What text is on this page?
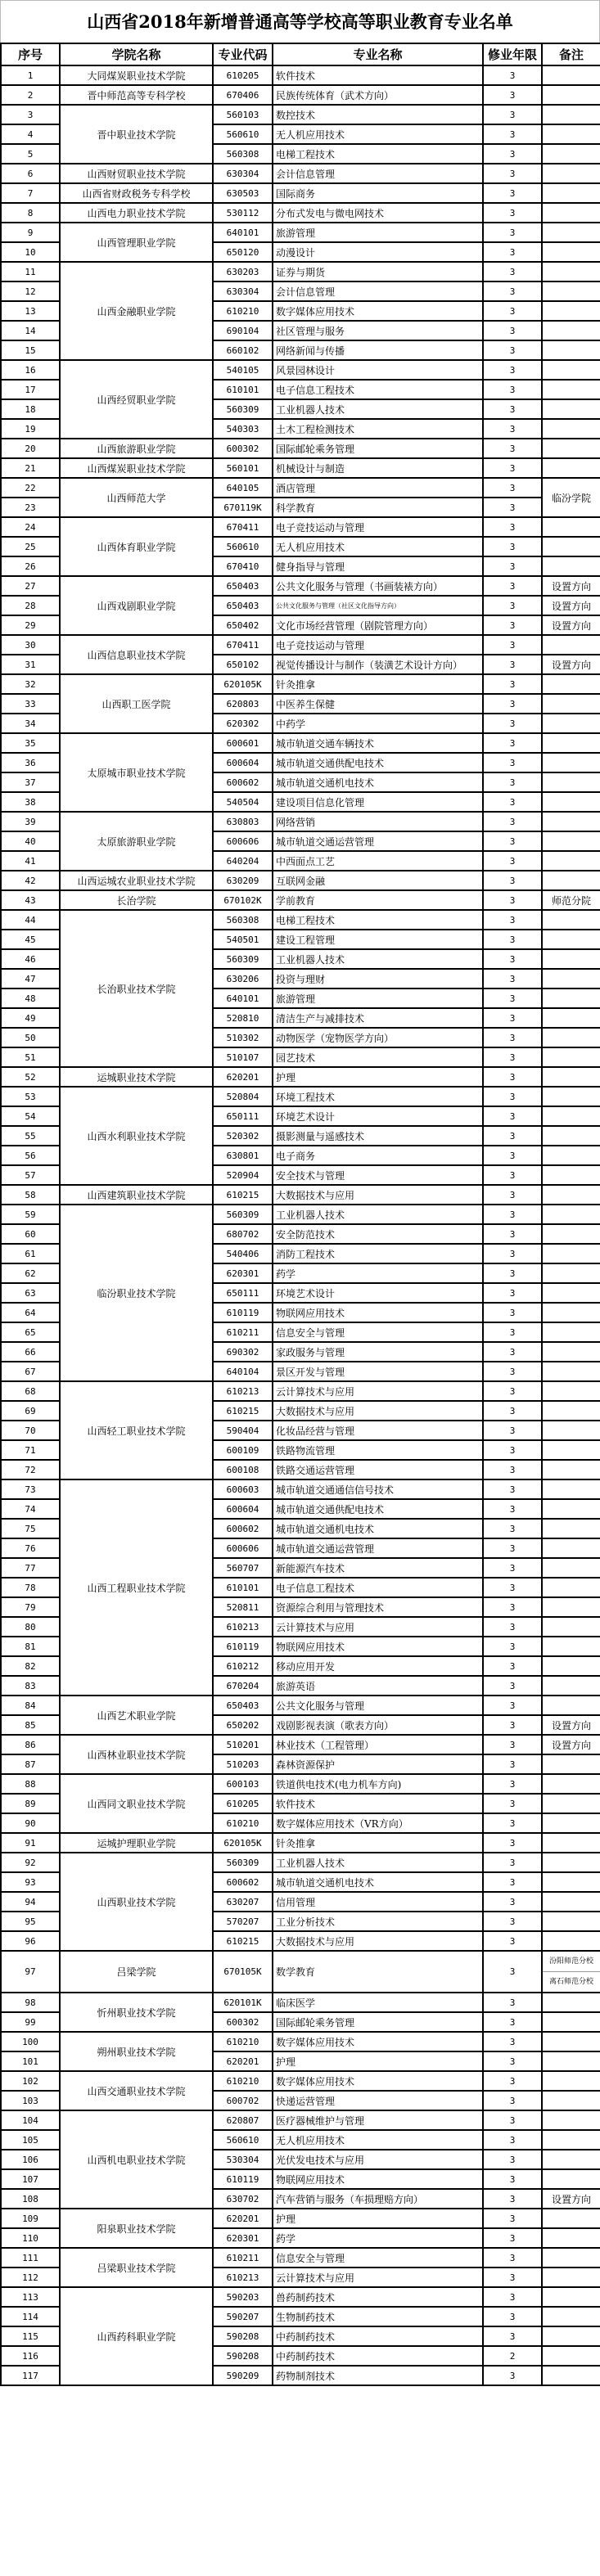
山西省2018年新增普通高等学校高等职业教育专业名单
序号	学院名称	专业代码	专业名称	修业年限	备注
1	大同煤炭职业技术学院	610205	软件技术	3	
2	晋中师范高等专科学校	670406	民族传统体育（武术方向）	3	
3	晋中职业技术学院	560103	数控技术	3	
4		560610	无人机应用技术	3	
5		560308	电梯工程技术	3	
6	山西财贸职业技术学院	630304	会计信息管理	3	
7	山西省财政税务专科学校	630503	国际商务	3	
8	山西电力职业技术学院	530112	分布式发电与微电网技术	3	
9	山西管理职业学院	640101	旅游管理	3	
10		650120	动漫设计	3	
11	山西金融职业学院	630203	证券与期货	3	
12		630304	会计信息管理	3	
13		610210	数字媒体应用技术	3	
14		690104	社区管理与服务	3	
15		660102	网络新闻与传播	3	
16	山西经贸职业学院	540105	风景园林设计	3	
17		610101	电子信息工程技术	3	
18		560309	工业机器人技术	3	
19		540303	土木工程检测技术	3	
20	山西旅游职业学院	600302	国际邮轮乘务管理	3	
21	山西煤炭职业技术学院	560101	机械设计与制造	3	
22	山西师范大学	640105	酒店管理	3	临汾学院
23		670119K	科学教育	3	
24	山西体育职业学院	670411	电子竞技运动与管理	3	
25		560610	无人机应用技术	3	
26		670410	健身指导与管理	3	
27	山西戏剧职业学院	650403	公共文化服务与管理（书画装裱方向）	3	设置方向
28		650403	公共文化服务与管理（社区文化指导方向）	3	设置方向
29		650402	文化市场经营管理（剧院管理方向）	3	设置方向
30	山西信息职业技术学院	670411	电子竞技运动与管理	3	
31		650102	视觉传播设计与制作（装潢艺术设计方向）	3	设置方向
32	山西职工医学院	620105K	针灸推拿	3	
33		620803	中医养生保健	3	
34		620302	中药学	3	
35	太原城市职业技术学院	600601	城市轨道交通车辆技术	3	
36		600604	城市轨道交通供配电技术	3	
37		600602	城市轨道交通机电技术	3	
38		540504	建设项目信息化管理	3	
39	太原旅游职业学院	630803	网络营销	3	
40		600606	城市轨道交通运营管理	3	
41		640204	中西面点工艺	3	
42	山西运城农业职业技术学院	630209	互联网金融	3	
43	长治学院	670102K	学前教育	3	师范分院
44	长治职业技术学院	560308	电梯工程技术	3	
45		540501	建设工程管理	3	
46		560309	工业机器人技术	3	
47		630206	投资与理财	3	
48		640101	旅游管理	3	
49		520810	清洁生产与减排技术	3	
50		510302	动物医学（宠物医学方向）	3	
51		510107	园艺技术	3	
52	运城职业技术学院	620201	护理	3	
53	山西水利职业技术学院	520804	环境工程技术	3	
54		650111	环境艺术设计	3	
55		520302	摄影测量与遥感技术	3	
56		630801	电子商务	3	
57		520904	安全技术与管理	3	
58	山西建筑职业技术学院	610215	大数据技术与应用	3	
59	临汾职业技术学院	560309	工业机器人技术	3	
60		680702	安全防范技术	3	
61		540406	消防工程技术	3	
62		620301	药学	3	
63		650111	环境艺术设计	3	
64		610119	物联网应用技术	3	
65		610211	信息安全与管理	3	
66		690302	家政服务与管理	3	
67		640104	景区开发与管理	3	
68	山西轻工职业技术学院	610213	云计算技术与应用	3	
69		610215	大数据技术与应用	3	
70		590404	化妆品经营与管理	3	
71		600109	铁路物流管理	3	
72		600108	铁路交通运营管理	3	
73	山西工程职业技术学院	600603	城市轨道交通通信信号技术	3	
74		600604	城市轨道交通供配电技术	3	
75		600602	城市轨道交通机电技术	3	
76		600606	城市轨道交通运营管理	3	
77		560707	新能源汽车技术	3	
78		610101	电子信息工程技术	3	
79		520811	资源综合利用与管理技术	3	
80		610213	云计算技术与应用	3	
81		610119	物联网应用技术	3	
82		610212	移动应用开发	3	
83		670204	旅游英语	3	
84	山西艺术职业学院	650403	公共文化服务与管理	3	
85		650202	戏剧影视表演（歌表方向）	3	设置方向
86	山西林业职业技术学院	510201	林业技术（工程管理）	3	设置方向
87		510203	森林资源保护	3	
88	山西同文职业技术学院	600103	铁道供电技术(电力机车方向)	3	
89		610205	软件技术	3	
90		610210	数字媒体应用技术（VR方向）	3	
91	运城护理职业学院	620105K	针灸推拿	3	
92	山西职业技术学院	560309	工业机器人技术	3	
93		600602	城市轨道交通机电技术	3	
94		630207	信用管理	3	
95		570207	工业分析技术	3	
96		610215	大数据技术与应用	3	
97	吕梁学院	670105K	数学教育	3	汾阳师范分校
离石师范分校

98	忻州职业技术学院	620101K	临床医学	3	
99		600302	国际邮轮乘务管理	3	
100	朔州职业技术学院	610210	数字媒体应用技术	3	
101		620201	护理	3	
102	山西交通职业技术学院	610210	数字媒体应用技术	3	
103		600702	快递运营管理	3	
104	山西机电职业技术学院	620807	医疗器械维护与管理	3	
105		560610	无人机应用技术	3	
106		530304	光伏发电技术与应用	3	
107		610119	物联网应用技术	3	
108		630702	汽车营销与服务（车损理赔方向）	3	设置方向
109	阳泉职业技术学院	620201	护理	3	
110		620301	药学	3	
111	吕梁职业技术学院	610211	信息安全与管理	3	
112		610213	云计算技术与应用	3	
113	山西药科职业学院	590203	兽药制药技术	3	
114		590207	生物制药技术	3	
115		590208	中药制药技术	3	
116		590208	中药制药技术	2	
117		590209	药物制剂技术	3	
